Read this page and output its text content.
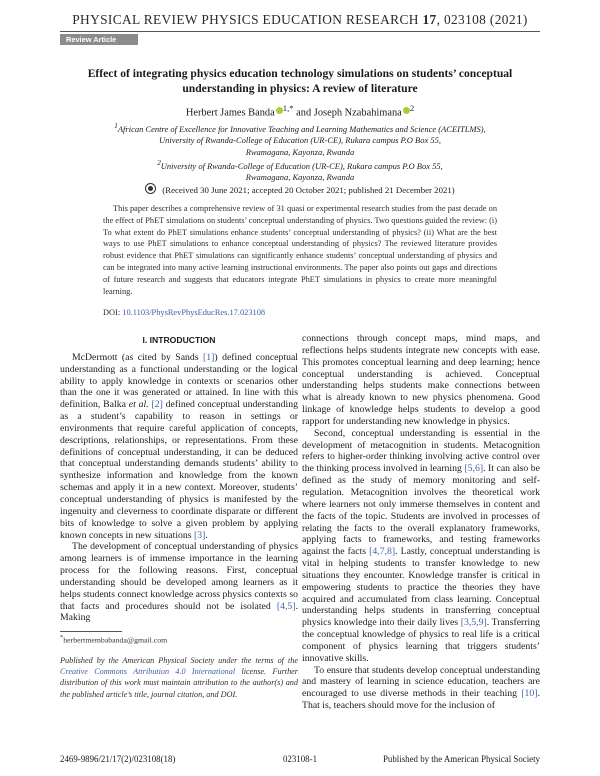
PHYSICAL REVIEW PHYSICS EDUCATION RESEARCH 17, 023108 (2021)
Review Article
Effect of integrating physics education technology simulations on students’ conceptual
understanding in physics: A review of literature
Herbert James Banda $^{1,*}$ and Joseph Nzabahimana $^2$
$^1$African Centre of Excellence for Innovative Teaching and Learning Mathematics and Science (ACEITLMS),
University of Rwanda-College of Education (UR-CE), Rukara campus P.O Box 55,
Rwamagana, Kayonza, Rwanda
$^2$University of Rwanda-College of Education (UR-CE), Rukara campus P.O Box 55,
Rwamagana, Kayonza, Rwanda
(Received 30 June 2021; accepted 20 October 2021; published 21 December 2021)
This paper describes a comprehensive review of 31 quasi or experimental research studies from the past decade on the effect of PhET simulations on students’ conceptual understanding of physics. Two questions guided the review: (i) To what extent do PhET simulations enhance students’ conceptual understanding of physics? (ii) What are the best ways to use PhET simulations to enhance conceptual understanding of physics? The reviewed literature provides robust evidence that PhET simulations can significantly enhance students’ conceptual understanding of physics and can be integrated into many active learning instructional environments. The paper also points out gaps and directions of future research and suggests that educators integrate PhET simulations in physics to create more meaningful learning.
DOI: 10.1103/PhysRevPhysEducRes.17.023108
I. INTRODUCTION

McDermott (as cited by Sands [1]) defined conceptual understanding as a functional understanding or the logical ability to apply knowledge in contexts or scenarios other than the one it was generated or attained. In line with this definition, Balka et al. [2] defined conceptual understanding as a student’s capability to reason in settings or environments that require careful application of concepts, descriptions, relationships, or representations. From these definitions of conceptual understanding, it can be deduced that conceptual understanding demands students’ ability to synthesize information and knowledge from the known schemas and apply it in a new context. Moreover, students’ conceptual understanding of physics is manifested by the ingenuity and cleverness to coordinate disparate or different bits of knowledge to solve a given problem by applying known concepts in new situations [3].

The development of conceptual understanding of physics among learners is of immense importance in the learning process for the following reasons. First, conceptual understanding should be developed among learners as it helps students connect knowledge across physics contexts so that facts and procedures should not be isolated [4,5]. Making

connections through concept maps, mind maps, and reflections helps students integrate new concepts with ease. This promotes conceptual learning and deep learning; hence conceptual understanding is achieved. Conceptual understanding helps students make connections between what is already known to new physics phenomena. Good linkage of knowledge helps students to develop a good rapport for understanding new knowledge in physics.

Second, conceptual understanding is essential in the development of metacognition in students. Metacognition refers to higher-order thinking involving active control over the thinking process involved in learning [5,6]. It can also be defined as the study of memory monitoring and self-regulation. Metacognition involves the theoretical work where learners not only immerse themselves in content and the facts of the topic. Students are involved in processes of relating the facts to the overall explanatory frameworks, applying facts to frameworks, and testing frameworks against the facts [4,7,8]. Lastly, conceptual understanding is vital in helping students to transfer knowledge to new situations they encounter. Knowledge transfer is critical in empowering students to practice the theories they have acquired and accumulated from class learning. Conceptual understanding helps students in transferring conceptual physics knowledge into their daily lives [3,5,9]. Transferring the conceptual knowledge of physics to real life is a critical component of physics learning that triggers students’ innovative skills.

To ensure that students develop conceptual understanding and mastery of learning in science education, teachers are encouraged to use diverse methods in their teaching [10]. That is, teachers should move for the inclusion of

*herbertmembabanda@gmail.com
Published by the American Physical Society under the terms of the Creative Commons Attribution 4.0 International license. Further distribution of this work must maintain attribution to the author(s) and the published article’s title, journal citation, and DOI.
2469-9896/21/17(2)/023108(18)	023108-1	Published by the American Physical Society
